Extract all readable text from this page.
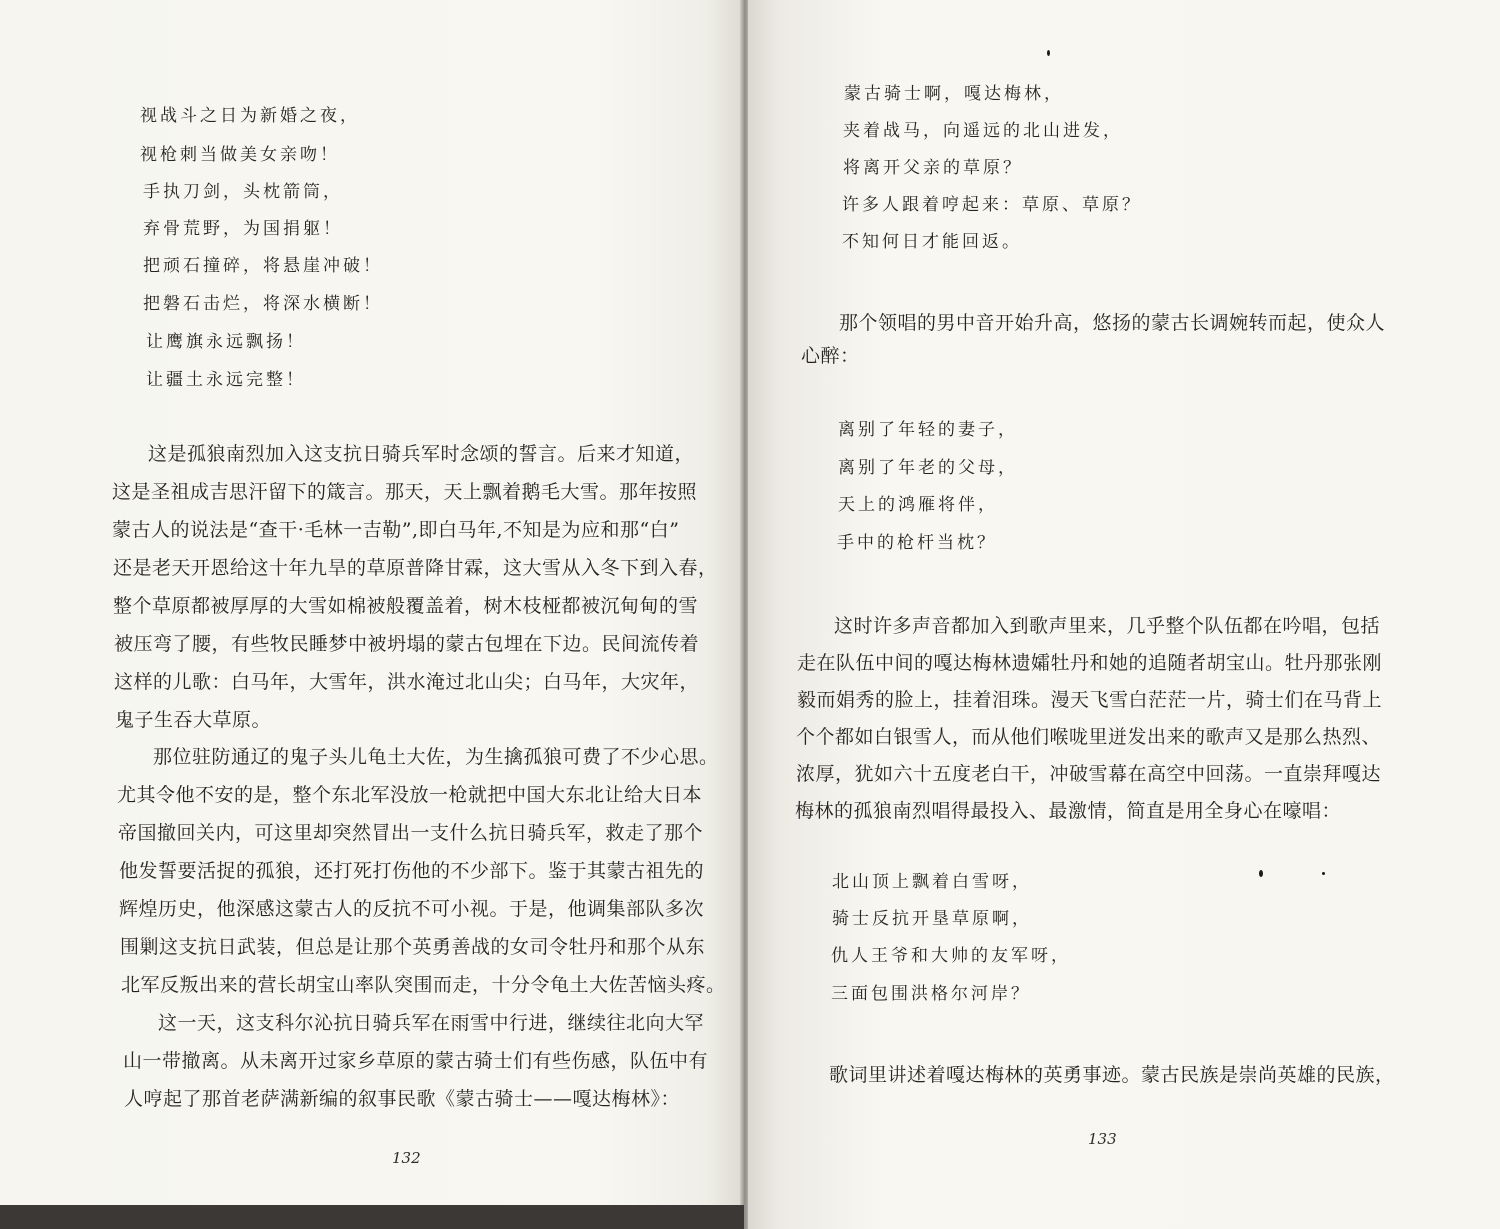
视战斗之日为新婚之夜，
视枪刺当做美女亲吻！
手执刀剑，头枕箭筒，
弃骨荒野，为国捐躯！
把顽石撞碎，将悬崖冲破！
把磐石击烂，将深水横断！
让鹰旗永远飘扬！
让疆土永远完整！
这是孤狼南烈加入这支抗日骑兵军时念颂的誓言。后来才知道，
这是圣祖成吉思汗留下的箴言。那天，天上飘着鹅毛大雪。那年按照
蒙古人的说法是“查干·毛林一吉勒”,即白马年,不知是为应和那“白”
还是老天开恩给这十年九旱的草原普降甘霖，这大雪从入冬下到入春，
整个草原都被厚厚的大雪如棉被般覆盖着，树木枝桠都被沉甸甸的雪
被压弯了腰，有些牧民睡梦中被坍塌的蒙古包埋在下边。民间流传着
这样的儿歌：白马年，大雪年，洪水淹过北山尖；白马年，大灾年，
鬼子生吞大草原。
那位驻防通辽的鬼子头儿龟土大佐，为生擒孤狼可费了不少心思。
尤其令他不安的是，整个东北军没放一枪就把中国大东北让给大日本
帝国撤回关内，可这里却突然冒出一支什么抗日骑兵军，救走了那个
他发誓要活捉的孤狼，还打死打伤他的不少部下。鉴于其蒙古祖先的
辉煌历史，他深感这蒙古人的反抗不可小视。于是，他调集部队多次
围剿这支抗日武装，但总是让那个英勇善战的女司令牡丹和那个从东
北军反叛出来的营长胡宝山率队突围而走，十分令龟土大佐苦恼头疼。
这一天，这支科尔沁抗日骑兵军在雨雪中行进，继续往北向大罕
山一带撤离。从未离开过家乡草原的蒙古骑士们有些伤感，队伍中有
人哼起了那首老萨满新编的叙事民歌《蒙古骑士——嘎达梅林》：
132
蒙古骑士啊，嘎达梅林，
夹着战马，向遥远的北山进发，
将离开父亲的草原？
许多人跟着哼起来：草原、草原？
不知何日才能回返。
那个领唱的男中音开始升高，悠扬的蒙古长调婉转而起，使众人
心醉：
离别了年轻的妻子，
离别了年老的父母，
天上的鸿雁将伴，
手中的枪杆当枕？
这时许多声音都加入到歌声里来，几乎整个队伍都在吟唱，包括
走在队伍中间的嘎达梅林遗孀牡丹和她的追随者胡宝山。牡丹那张刚
毅而娟秀的脸上，挂着泪珠。漫天飞雪白茫茫一片，骑士们在马背上
个个都如白银雪人，而从他们喉咙里迸发出来的歌声又是那么热烈、
浓厚，犹如六十五度老白干，冲破雪幕在高空中回荡。一直崇拜嘎达
梅林的孤狼南烈唱得最投入、最激情，简直是用全身心在嚎唱：
北山顶上飘着白雪呀，
骑士反抗开垦草原啊，
仇人王爷和大帅的友军呀，
三面包围洪格尔河岸？
歌词里讲述着嘎达梅林的英勇事迹。蒙古民族是崇尚英雄的民族，
133
